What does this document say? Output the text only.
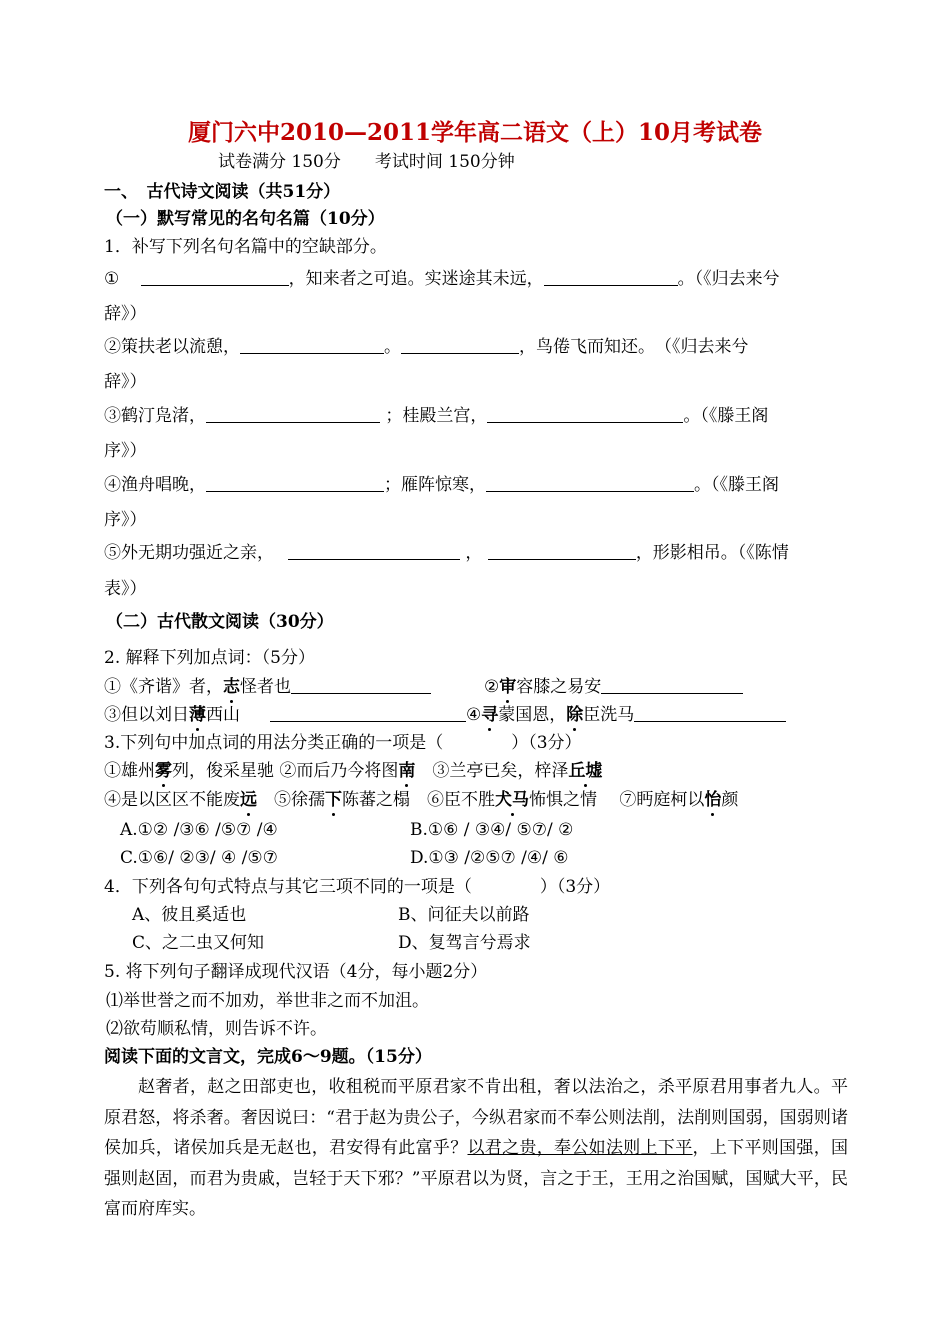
厦门六中2010—2011学年高二语文（上）10月考试卷
试卷满分 150分　　考试时间 150分钟
一、　古代诗文阅读（共51分）
（一）默写常见的名句名篇（10分）
1．补写下列名句名篇中的空缺部分。
①	，知来者之可追。实迷途其未远，	。（《归去来兮
辞》）
②策扶老以流憩，	。	，鸟倦飞而知还。　（《归去来兮
辞》）
③鹤汀凫渚，	；桂殿兰宫，	。（《滕王阁
序》）
④渔舟唱晚，	；雁阵惊寒，	。（《滕王阁
序》）
⑤外无期功强近之亲，	，	，形影相吊。（《陈情
表》）
（二）古代散文阅读（30分）
2. 解释下列加点词：（5分）
①《齐谐》者，志怪者也	②审容膝之易安
③但以刘日薄西山	④寻蒙国恩，除臣洗马
3.下列句中加点词的用法分类正确的一项是（　　　　）（3分）
①雄州雾列，俊采星驰 ②而后乃今将图南　③兰亭已矣，梓泽丘墟
④是以区区不能废远　⑤徐孺下陈蕃之榻　⑥臣不胜犬马怖惧之情　 ⑦眄庭柯以怡颜
A.①② /③⑥ /⑤⑦ /④	B.①⑥ / ③④/ ⑤⑦/ ②
C.①⑥/ ②③/ ④ /⑤⑦	D.①③ /②⑤⑦ /④/ ⑥
4．下列各句句式特点与其它三项不同的一项是（　　　　）（3分）
A、彼且奚适也	B、问征夫以前路
C、之二虫又何知	D、复驾言兮焉求
5. 将下列句子翻译成现代汉语（4分，每小题2分）
⑴举世誉之而不加劝，举世非之而不加沮。
⑵欲苟顺私情，则告诉不许。
阅读下面的文言文，完成6～9题。（15分）
赵奢者，赵之田部吏也，收租税而平原君家不肯出租，奢以法治之，杀平原君用事者九人。平原君怒，将杀奢。奢因说曰：“君于赵为贵公子，今纵君家而不奉公则法削，法削则国弱，国弱则诸侯加兵，诸侯加兵是无赵也，君安得有此富乎？以君之贵，奉公如法则上下平，上下平则国强，国强则赵固，而君为贵戚，岂轻于天下邪？”平原君以为贤，言之于王，王用之治国赋，国赋大平，民富而府库实。
